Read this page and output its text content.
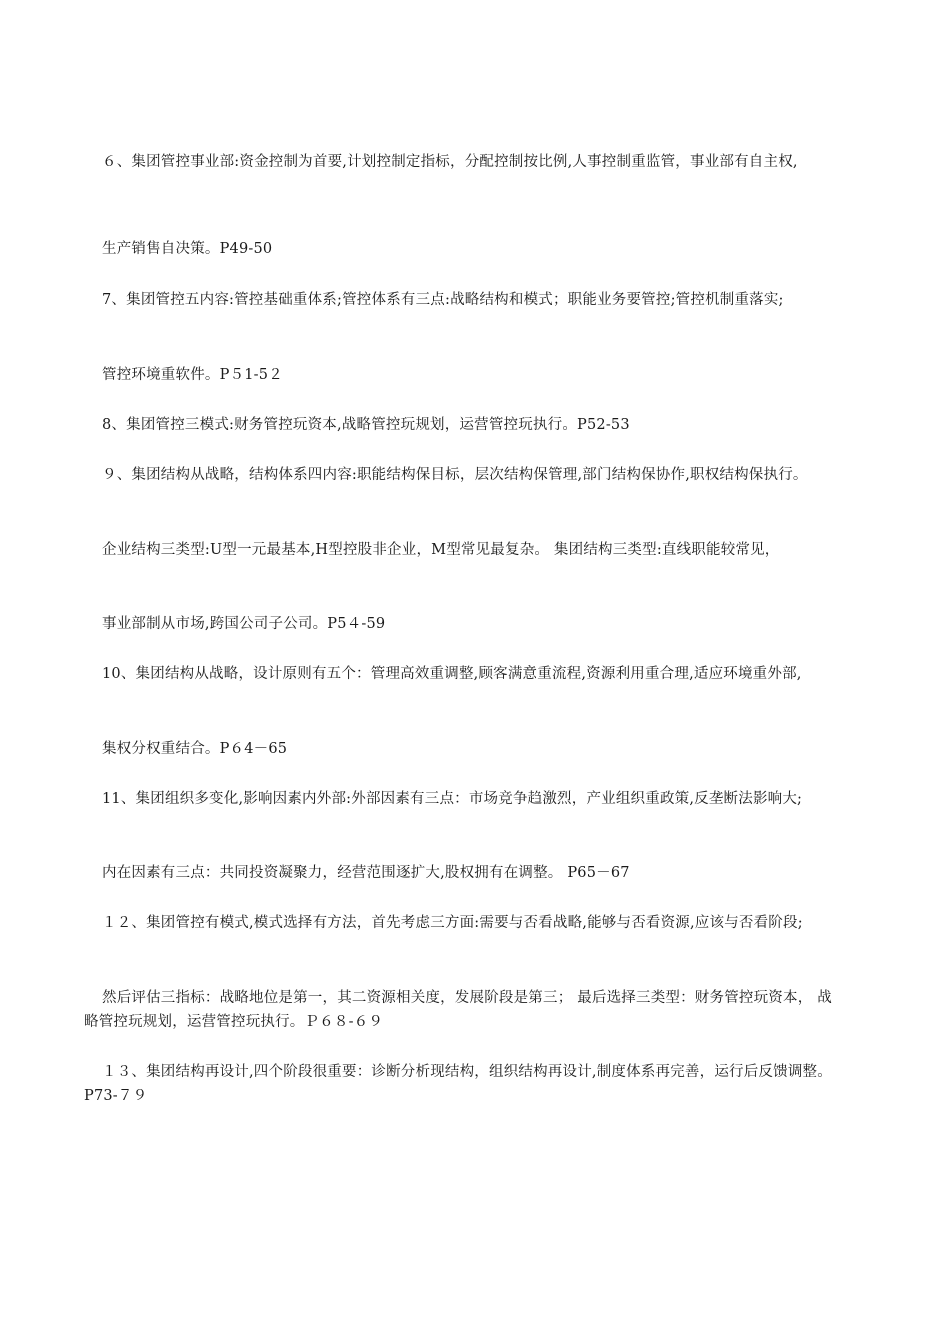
６、集团管控事业部:资金控制为首要,计划控制定指标，分配控制按比例,人事控制重监管，事业部有自主权,

生产销售自决策。P49-50

7、集团管控五内容:管控基础重体系;管控体系有三点:战略结构和模式；职能业务要管控;管控机制重落实;

管控环境重软件。P５1-5２

8、集团管控三模式:财务管控玩资本,战略管控玩规划，运营管控玩执行。P52-53

９、集团结构从战略，结构体系四内容:职能结构保目标，层次结构保管理,部门结构保协作,职权结构保执行。

企业结构三类型:U型一元最基本,H型控股非企业，M型常见最复杂。 集团结构三类型:直线职能较常见，

事业部制从市场,跨国公司子公司。P5４-59

10、集团结构从战略，设计原则有五个：管理高效重调整,顾客满意重流程,资源利用重合理,适应环境重外部,

集权分权重结合。P６4－65

11、集团组织多变化,影响因素内外部:外部因素有三点：市场竞争趋激烈，产业组织重政策,反垄断法影响大;

内在因素有三点：共同投资凝聚力，经营范围逐扩大,股权拥有在调整。 P65－67

１２、集团管控有模式,模式选择有方法，首先考虑三方面:需要与否看战略,能够与否看资源,应该与否看阶段;

然后评估三指标：战略地位是第一，其二资源相关度，发展阶段是第三； 最后选择三类型：财务管控玩资本， 战略管控玩规划，运营管控玩执行。Ｐ６８-６９

１３、集团结构再设计,四个阶段很重要：诊断分析现结构，组织结构再设计,制度体系再完善，运行后反馈调整。P73-７９
